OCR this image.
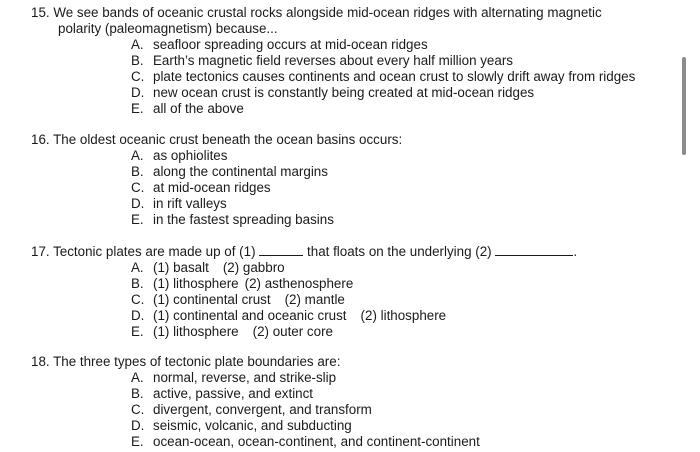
15. We see bands of oceanic crustal rocks alongside mid-ocean ridges with alternating magnetic
polarity (paleomagnetism) because...
A. seafloor spreading occurs at mid-ocean ridges
B. Earth’s magnetic field reverses about every half million years
C. plate tectonics causes continents and ocean crust to slowly drift away from ridges
D. new ocean crust is constantly being created at mid-ocean ridges
E. all of the above
16. The oldest oceanic crust beneath the ocean basins occurs:
A. as ophiolites
B. along the continental margins
C. at mid-ocean ridges
D. in rift valleys
E. in the fastest spreading basins
17. Tectonic plates are made up of (1)	that floats on the underlying (2)	.
A. (1) basalt (2) gabbro
B. (1) lithosphere (2) asthenosphere
C. (1) continental crust (2) mantle
D. (1) continental and oceanic crust (2) lithosphere
E. (1) lithosphere (2) outer core
18. The three types of tectonic plate boundaries are:
A. normal, reverse, and strike-slip
B. active, passive, and extinct
C. divergent, convergent, and transform
D. seismic, volcanic, and subducting
E. ocean-ocean, ocean-continent, and continent-continent
